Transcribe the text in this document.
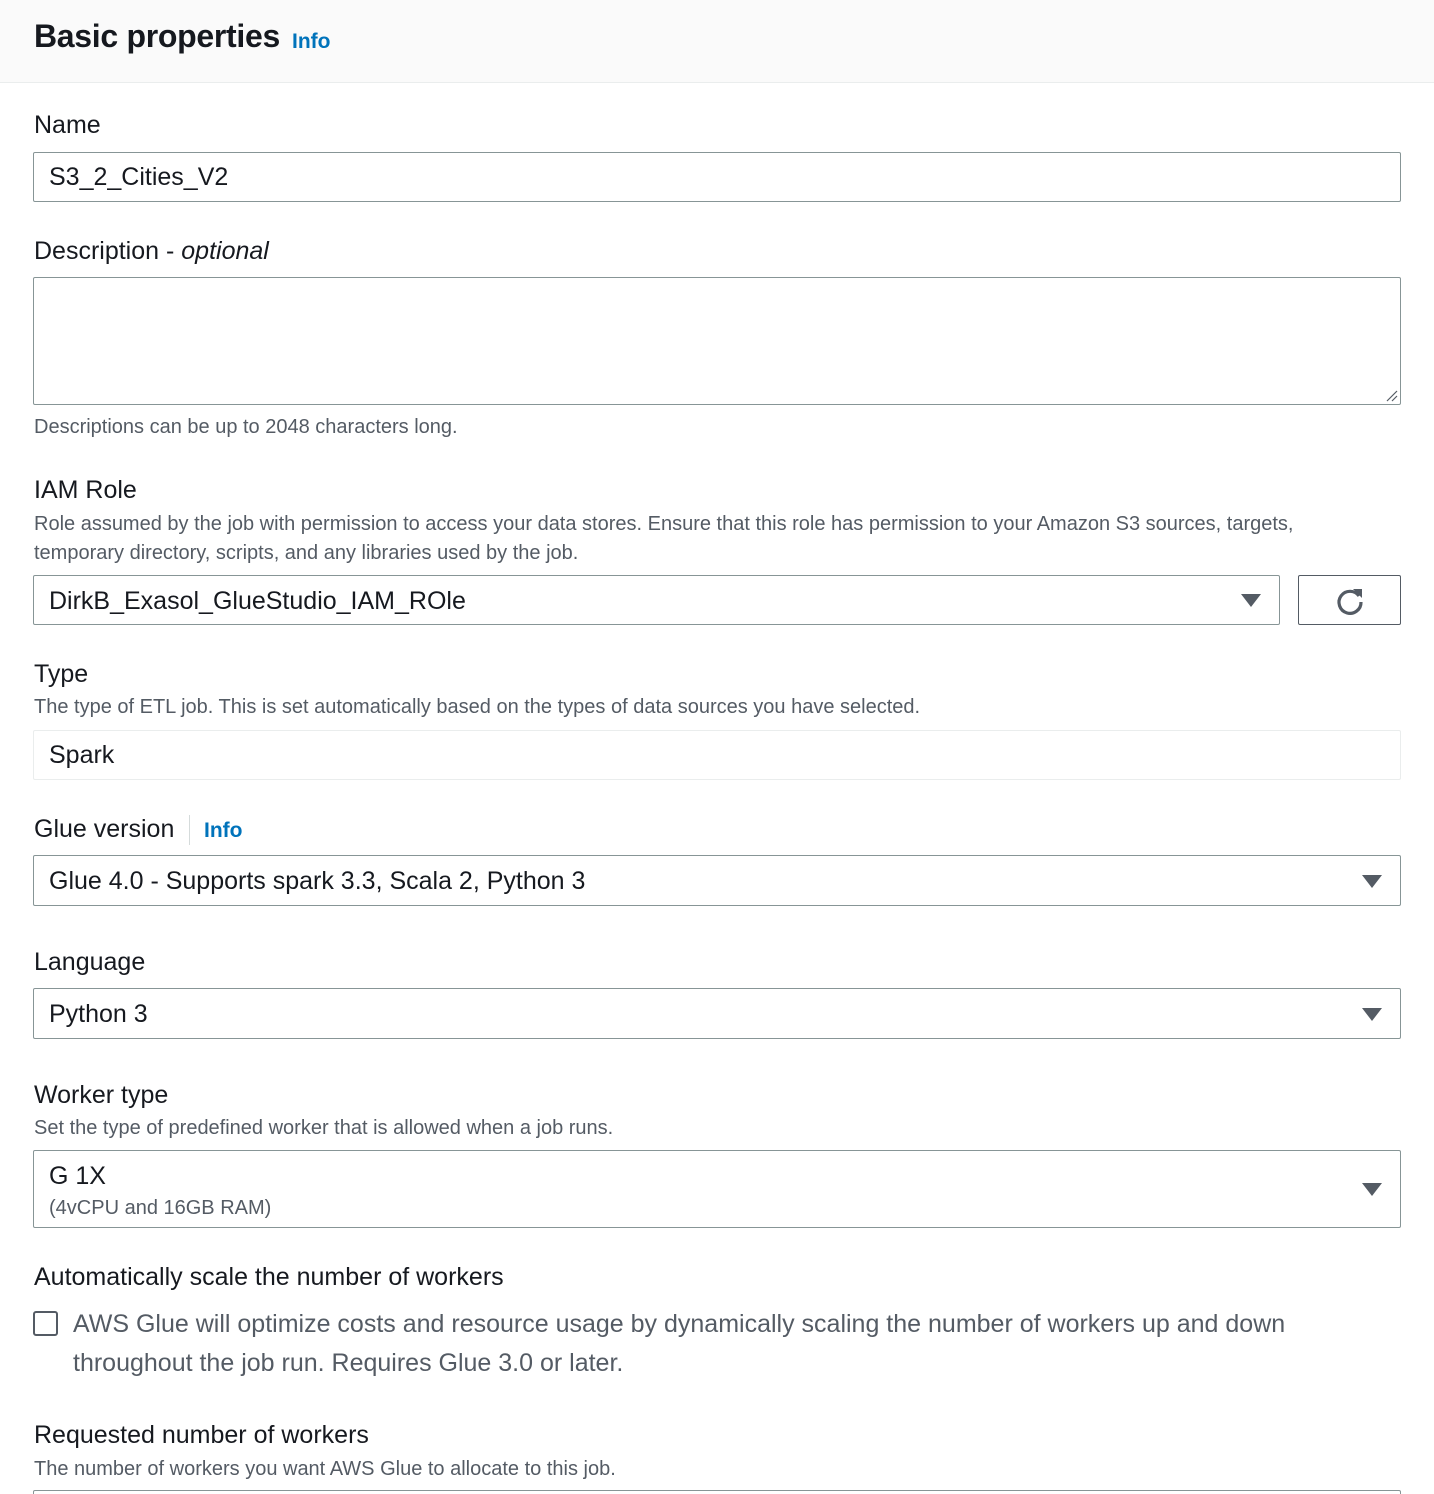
Basic properties Info
Name
S3_2_Cities_V2
Description - optional
Descriptions can be up to 2048 characters long.
IAM Role
Role assumed by the job with permission to access your data stores. Ensure that this role has permission to your Amazon S3 sources, targets, temporary directory, scripts, and any libraries used by the job.
DirkB_Exasol_GlueStudio_IAM_ROle
Type
The type of ETL job. This is set automatically based on the types of data sources you have selected.
Spark
Glue version Info
Glue 4.0 - Supports spark 3.3, Scala 2, Python 3
Language
Python 3
Worker type
Set the type of predefined worker that is allowed when a job runs.
G 1X
(4vCPU and 16GB RAM)
Automatically scale the number of workers
AWS Glue will optimize costs and resource usage by dynamically scaling the number of workers up and down throughout the job run. Requires Glue 3.0 or later.
Requested number of workers
The number of workers you want AWS Glue to allocate to this job.
